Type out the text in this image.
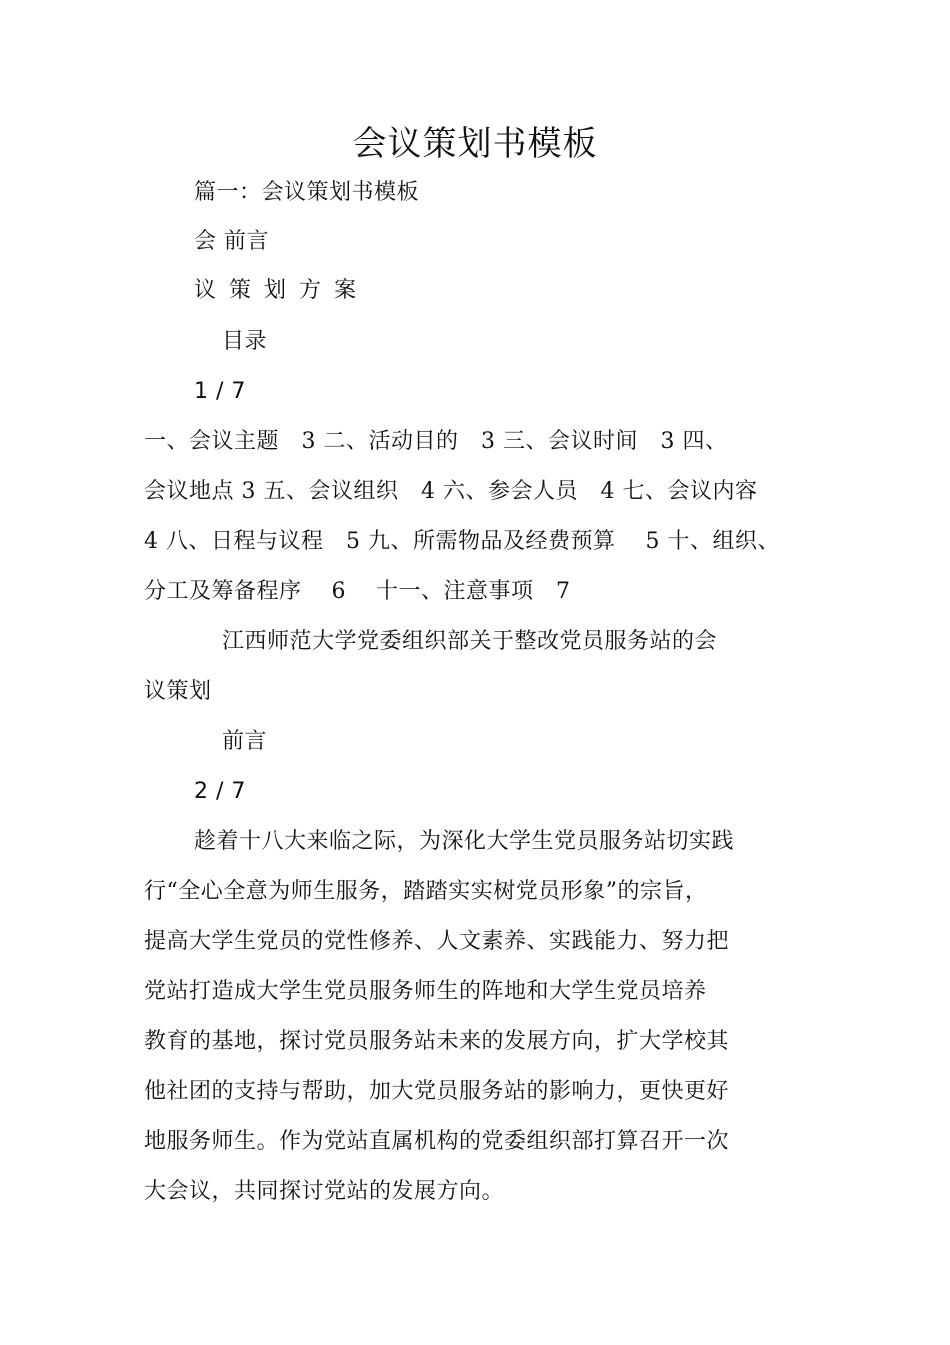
会议策划书模板
篇一：会议策划书模板
会 前言
议策划方案
目录
1 / 7
一、会议主题　3 二、活动目的　3 三、会议时间　3 四、
会议地点 3 五、会议组织　4 六、参会人员　4 七、会议内容
4 八、日程与议程　5 九、所需物品及经费预算　 5 十、组织、
分工及筹备程序　 6　 十一、注意事项　7
江西师范大学党委组织部关于整改党员服务站的会
议策划
前言
2 / 7
趁着十八大来临之际，为深化大学生党员服务站切实践
行“全心全意为师生服务，踏踏实实树党员形象”的宗旨，
提高大学生党员的党性修养、人文素养、实践能力、努力把
党站打造成大学生党员服务师生的阵地和大学生党员培养
教育的基地，探讨党员服务站未来的发展方向，扩大学校其
他社团的支持与帮助，加大党员服务站的影响力，更快更好
地服务师生。作为党站直属机构的党委组织部打算召开一次
大会议，共同探讨党站的发展方向。
